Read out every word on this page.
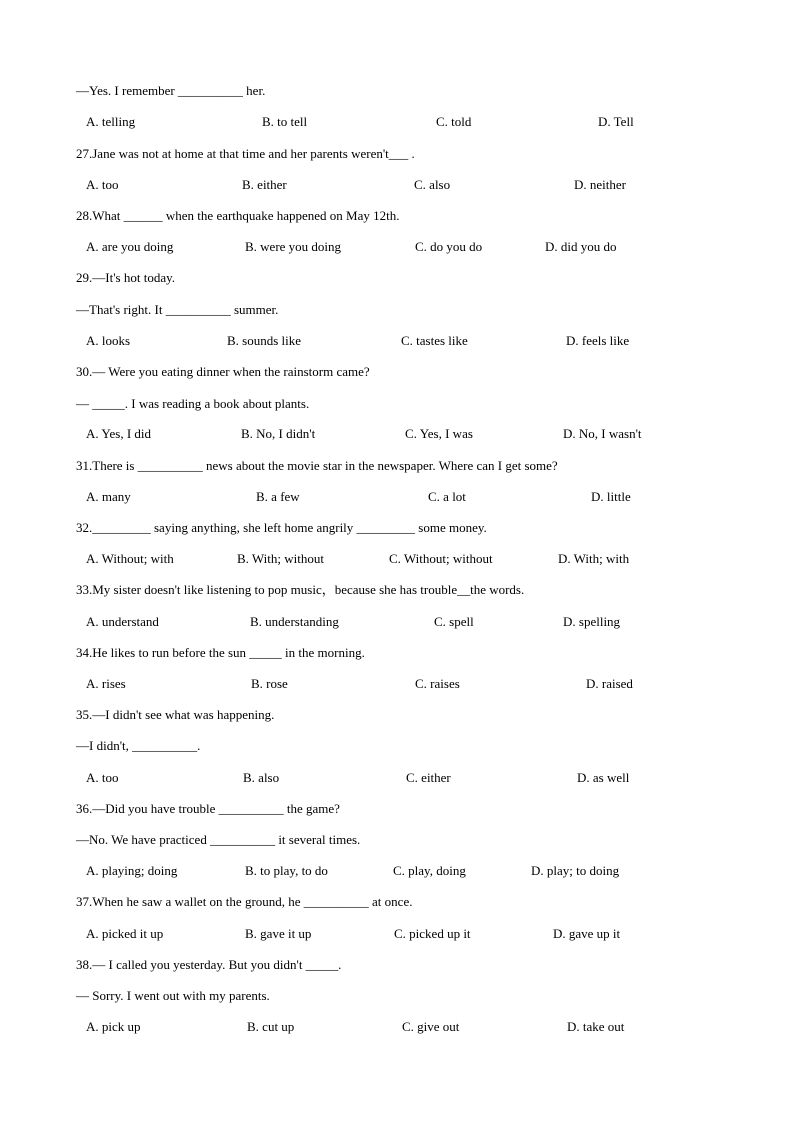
—Yes. I remember __________ her.
A. telling	B. to tell	C. told	D. Tell
27.Jane was not at home at that time and her parents weren't___ .
A. too	B. either	C. also	D. neither
28.What ______ when the earthquake happened on May 12th.
A. are you doing	B. were you doing	C. do you do	D. did you do
29.—It's hot today.
—That's right. It __________ summer.
A. looks	B. sounds like	C. tastes like	D. feels like
30.— Were you eating dinner when the rainstorm came?
— _____. I was reading a book about plants.
A. Yes, I did	B. No, I didn't	C. Yes, I was	D. No, I wasn't
31.There is __________ news about the movie star in the newspaper. Where can I get some?
A. many	B. a few	C. a lot	D. little
32._________ saying anything, she left home angrily _________ some money.
A. Without; with	B. With; without	C. Without; without	D. With; with
33.My sister doesn't like listening to pop music，because she has trouble__the words.
A. understand	B. understanding	C. spell	D. spelling
34.He likes to run before the sun _____ in the morning.
A. rises	B. rose	C. raises	D. raised
35.—I didn't see what was happening.
—I didn't, __________.
A. too	B. also	C. either	D. as well
36.—Did you have trouble __________ the game?
—No. We have practiced __________ it several times.
A. playing; doing	B. to play, to do	C. play, doing	D. play; to doing
37.When he saw a wallet on the ground, he __________ at once.
A. picked it up	B. gave it up	C. picked up it	D. gave up it
38.— I called you yesterday. But you didn't _____.
— Sorry. I went out with my parents.
A. pick up	B. cut up	C. give out	D. take out
